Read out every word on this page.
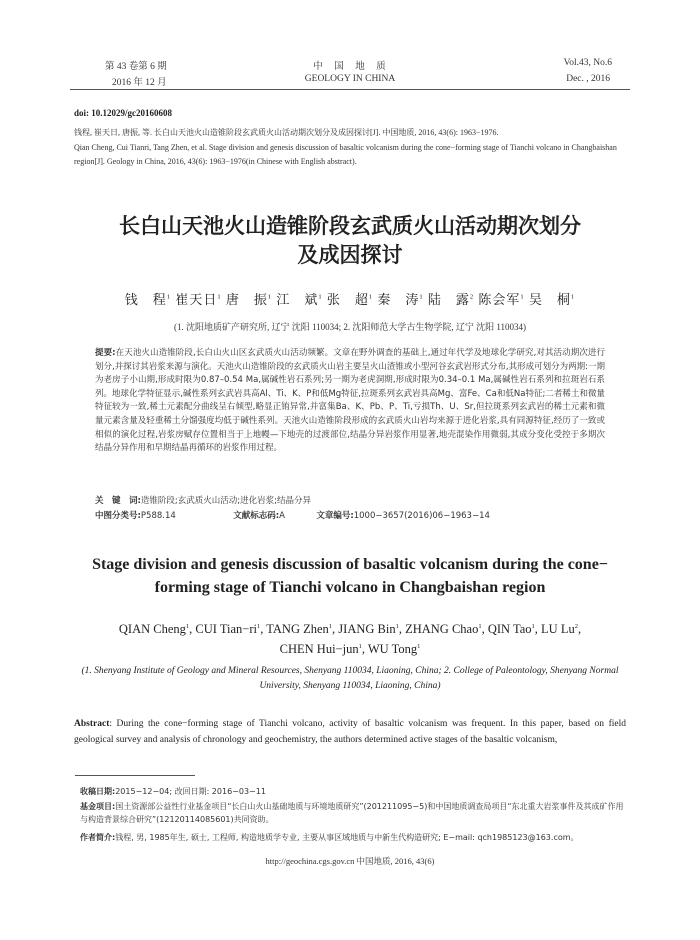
第 43 卷第 6 期
2016 年 12 月
中　国　地　质
GEOLOGY IN CHINA
Vol.43, No.6
Dec. , 2016
doi: 10.12029/gc20160608
钱程, 崔天日, 唐振, 等. 长白山天池火山造锥阶段玄武质火山活动期次划分及成因探讨[J]. 中国地质, 2016, 43(6): 1963−1976.
Qian Cheng, Cui Tianri, Tang Zhen, et al. Stage division and genesis discussion of basaltic volcanism during the cone−forming stage of Tianchi volcano in Changbaishan region[J]. Geology in China, 2016, 43(6): 1963−1976(in Chinese with English abstract).
长白山天池火山造锥阶段玄武质火山活动期次划分
及成因探讨
钱　程$^1$ 崔天日$^1$ 唐　振$^1$ 江　斌$^1$ 张　超$^1$ 秦　涛$^1$ 陆　露$^2$ 陈会军$^1$ 吴　桐$^1$
(1. 沈阳地质矿产研究所, 辽宁 沈阳 110034; 2. 沈阳师范大学古生物学院, 辽宁 沈阳 110034)
提要:在天池火山造锥阶段,长白山火山区玄武质火山活动频繁。文章在野外调查的基础上,通过年代学及地球化学研究,对其活动期次进行划分,并探讨其岩浆来源与演化。天池火山造锥阶段的玄武质火山岩主要呈火山渣锥或小型河谷玄武岩形式分布,其形成可划分为两期:一期为老房子小山期,形成时限为0.87–0.54 Ma,属碱性岩石系列;另一期为老虎洞期,形成时限为0.34–0.1 Ma,属碱性岩石系列和拉斑岩石系列。地球化学特征显示,碱性系列玄武岩具高Al、Ti、K、P和低Mg特征,拉斑系列玄武岩具高Mg、富Fe、Ca和低Na特征;二者稀土和微量特征较为一致,稀土元素配分曲线呈右倾型,略显正铕异常,并富集Ba、K、Pb、P、Ti,亏损Th、U、Sr,但拉斑系列玄武岩的稀土元素和微量元素含量及轻重稀土分馏强度均低于碱性系列。天池火山造锥阶段形成的玄武质火山岩均来源于进化岩浆,具有同源特征,经历了一致或相似的演化过程,岩浆房赋存位置相当于上地幔—下地壳的过渡部位,结晶分异岩浆作用显著,地壳混染作用微弱,其成分变化受控于多期次结晶分异作用和早期结晶再循环的岩浆作用过程。
关　键　词:造锥阶段;玄武质火山活动;进化岩浆;结晶分异
中图分类号:P588.14	文献标志码:A	文章编号:1000−3657(2016)06−1963−14
Stage division and genesis discussion of basaltic volcanism during the cone−
forming stage of Tianchi volcano in Changbaishan region
QIAN Cheng$^1$, CUI $Tian-ri^1$, TANG Zhen$^1$, JIANG Bin$^1$, ZHANG Chao$^1$, QIN Tao$^1$, LU Lu$^2$,
CHEN Hui−jun$^1$, WU Tong$^1$
(1. Shenyang Institute of Geology and Mineral Resources, Shenyang 110034, Liaoning, China; 2. College of Paleontology, Shenyang Normal University, Shenyang 110034, Liaoning, China)
Abstract: During the cone−forming stage of Tianchi volcano, activity of basaltic volcanism was frequent. In this paper, based on field geological survey and analysis of chronology and geochemistry, the authors determined active stages of the basaltic volcanism,
收稿日期:2015−12−04; 改回日期: 2016−03−11
基金项目:国土资源部公益性行业基金项目“长白山火山基础地质与环境地质研究”(201211095−5)和中国地质调查局项目“东北重大岩浆事件及其成矿作用与构造背景综合研究”(12120114085601)共同资助。
作者简介:钱程, 男, 1985年生, 硕士, 工程师, 构造地质学专业, 主要从事区域地质与中新生代构造研究; E−mail: qch1985123@163.com。
http://geochina.cgs.gov.cn 中国地质, 2016, 43(6)
